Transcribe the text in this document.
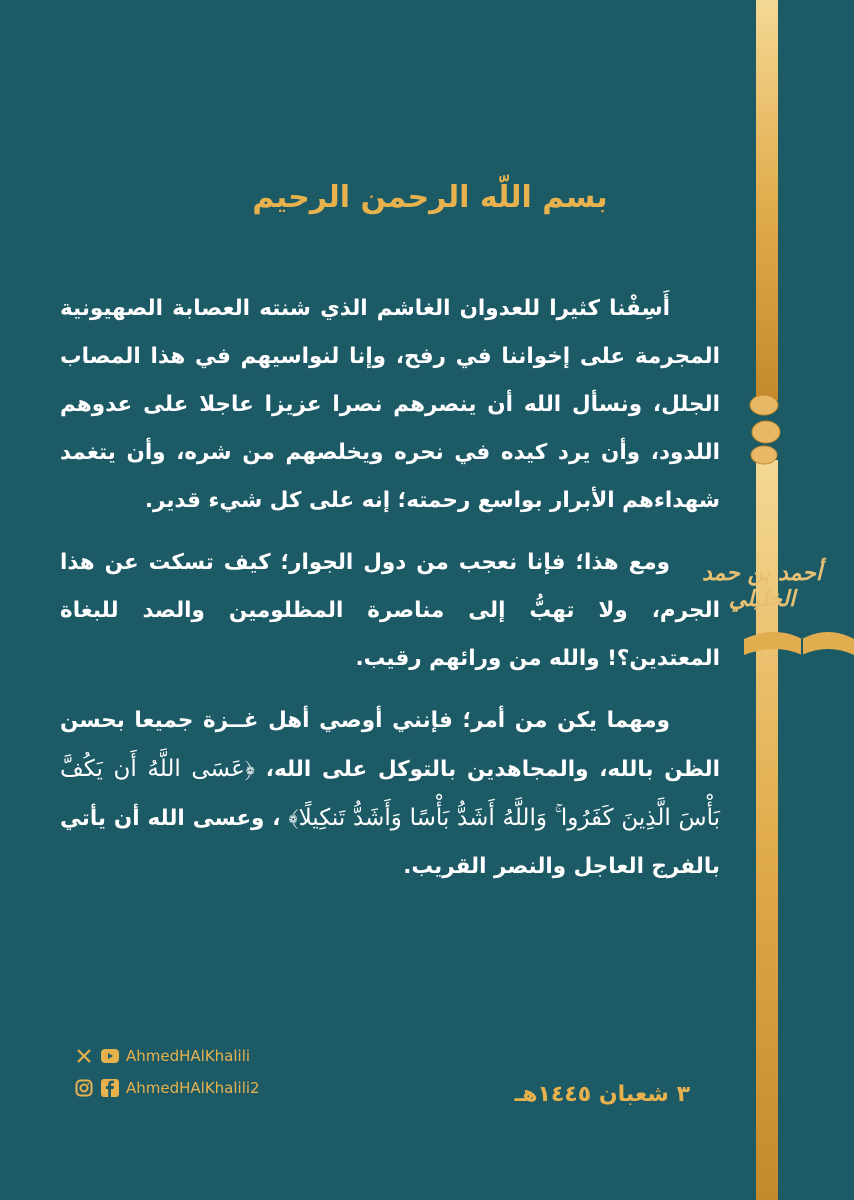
بسم اللّه الرحمن الرحيم

أَسِفْنا كثيرا للعدوان الغاشم الذي شنته العصابة الصهيونية المجرمة على إخواننا في رفح، وإنا لنواسيهم في هذا المصاب الجلل، ونسأل الله أن ينصرهم نصرا عزيزا عاجلا على عدوهم اللدود، وأن يرد كيده في نحره ويخلصهم من شره، وأن يتغمد شهداءهم الأبرار بواسع رحمته؛ إنه على كل شيء قدير.

ومع هذا؛ فإنا نعجب من دول الجوار؛ كيف تسكت عن هذا الجرم، ولا تهبُّ إلى مناصرة المظلومين والصد للبغاة المعتدين؟! والله من ورائهم رقيب.

ومهما يكن من أمر؛ فإنني أوصي أهل غــزة جميعا بحسن الظن بالله، والمجاهدين بالتوكل على الله، ﴿عَسَى اللَّهُ أَن يَكُفَّ بَأْسَ الَّذِينَ كَفَرُوا ۚ وَاللَّهُ أَشَدُّ بَأْسًا وَأَشَدُّ تَنكِيلًا﴾ ، وعسى الله أن يأتي بالفرج العاجل والنصر القريب.

أحمد بن حمد الخليلي
AhmedHAlKhalili
AhmedHAlKhalili2	٣ شعبان ١٤٤٥هـ
